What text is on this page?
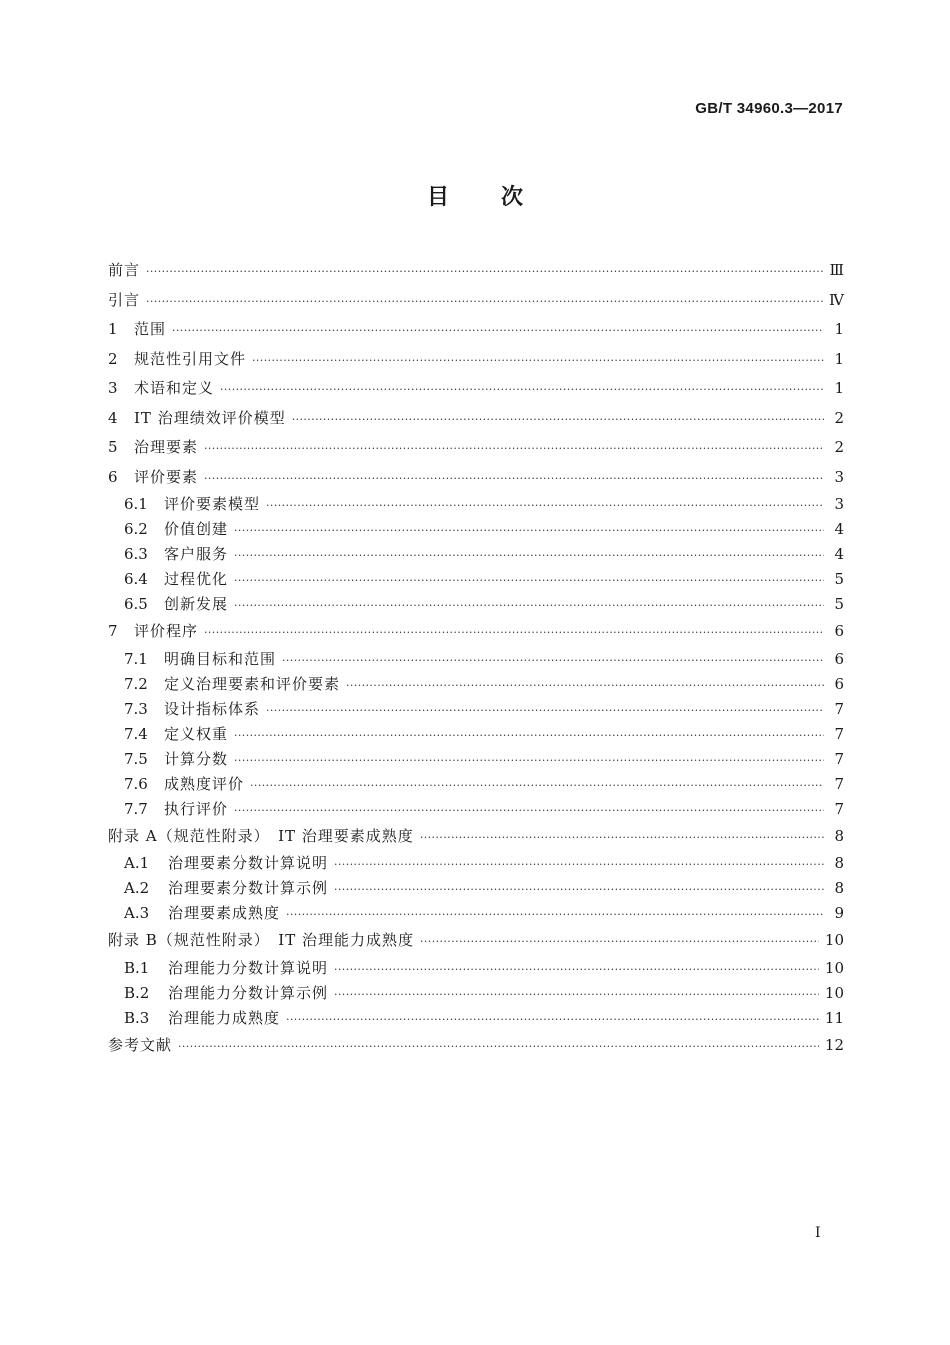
GB/T 34960.3—2017
目 次
前言 ·····	Ⅲ
引言 ·····	Ⅳ
1	范围 ·····	1
2	规范性引用文件 ·····	1
3	术语和定义 ·····	1
4	IT 治理绩效评价模型 ·····	2
5	治理要素 ·····	2
6	评价要素 ·····	3
6.1	评价要素模型 ·····	3
6.2	价值创建 ·····	4
6.3	客户服务 ·····	4
6.4	过程优化 ·····	5
6.5	创新发展 ·····	5
7	评价程序 ·····	6
7.1	明确目标和范围 ·····	6
7.2	定义治理要素和评价要素 ·····	6
7.3	设计指标体系 ·····	7
7.4	定义权重 ·····	7
7.5	计算分数 ·····	7
7.6	成熟度评价 ·····	7
7.7	执行评价 ·····	7
附录 A（规范性附录）　IT 治理要素成熟度 ·····	8
A.1	治理要素分数计算说明 ·····	8
A.2	治理要素分数计算示例 ·····	8
A.3	治理要素成熟度 ·····	9
附录 B（规范性附录）　IT 治理能力成熟度 ·····	10
B.1	治理能力分数计算说明 ·····	10
B.2	治理能力分数计算示例 ·····	10
B.3	治理能力成熟度 ·····	11
参考文献 ·····	12
I
